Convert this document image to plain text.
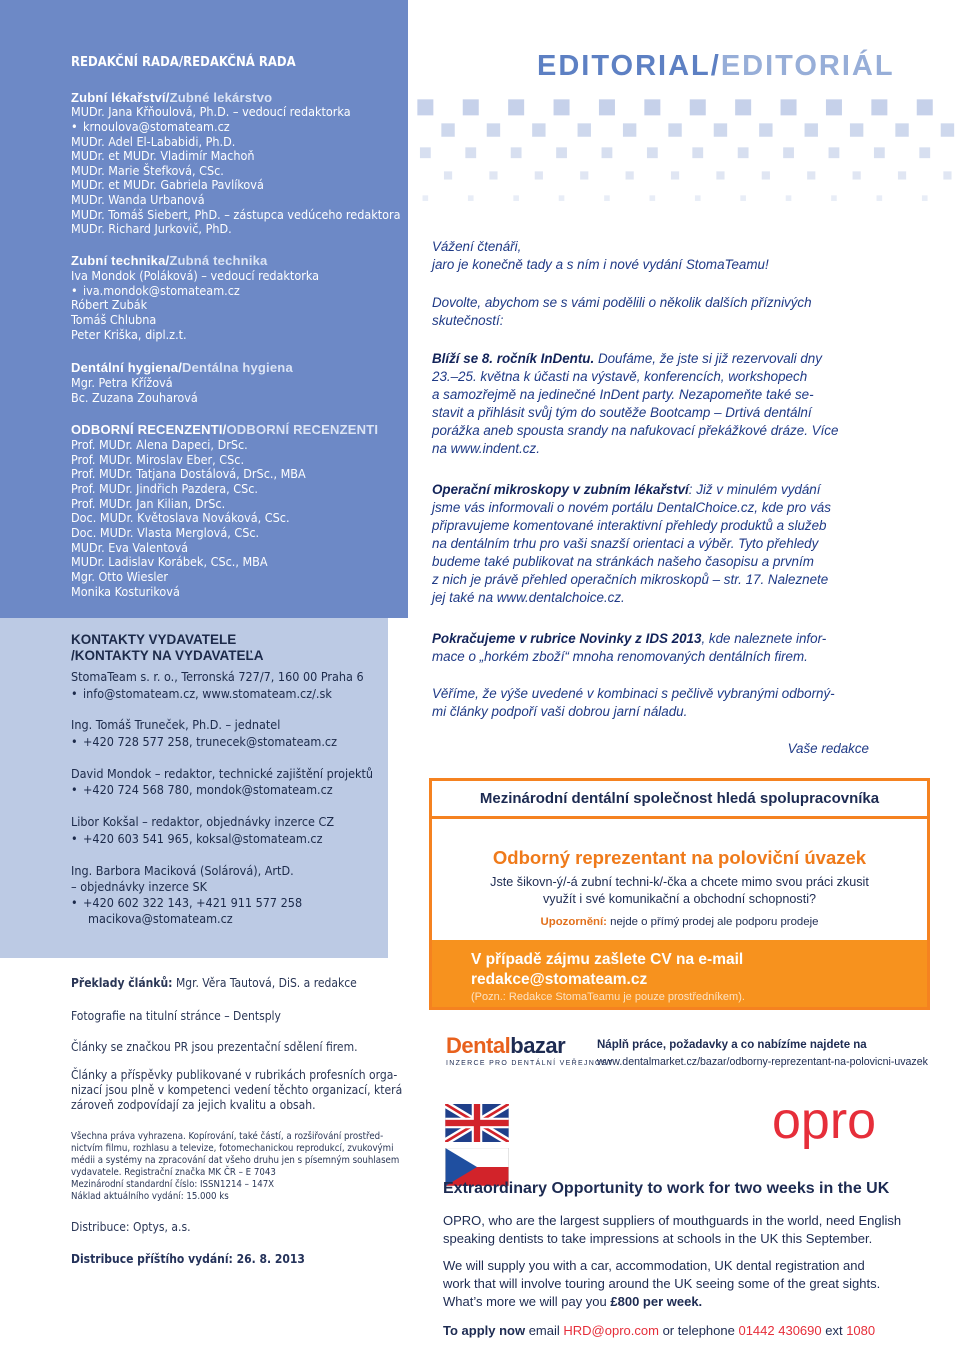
REDAKČNÍ RADA/REDAKČNÁ RADA
Zubní lékařství/Zubné lekárstvo
MUDr. Jana Křňoulová, Ph.D. – vedoucí redaktorka
• krnoulova@stomateam.cz
MUDr. Adel El-Lababidi, Ph.D.
MUDr. et MUDr. Vladimír Machoň
MUDr. Marie Štefková, CSc.
MUDr. et MUDr. Gabriela Pavlíková
MUDr. Wanda Urbanová
MUDr. Tomáš Siebert, PhD. – zástupca vedúceho redaktora
MUDr. Richard Jurkovič, PhD.
Zubní technika/Zubná technika
Iva Mondok (Poláková) – vedoucí redaktorka
• iva.mondok@stomateam.cz
Róbert Zubák
Tomáš Chlubna
Peter Kriška, dipl.z.t.
Dentální hygiena/Dentálna hygiena
Mgr. Petra Křížová
Bc. Zuzana Zouharová
ODBORNÍ RECENZENTI/ODBORNÍ RECENZENTI
Prof. MUDr. Alena Dapeci, DrSc.
Prof. MUDr. Miroslav Eber, CSc.
Prof. MUDr. Tatjana Dostálová, DrSc., MBA
Prof. MUDr. Jindřich Pazdera, CSc.
Prof. MUDr. Jan Kilian, DrSc.
Doc. MUDr. Květoslava Nováková, CSc.
Doc. MUDr. Vlasta Merglová, CSc.
MUDr. Eva Valentová
MUDr. Ladislav Korábek, CSc., MBA
Mgr. Otto Wiesler
Monika Kosturiková
KONTAKTY VYDAVATELE
/KONTAKTY NA VYDAVATEĽA
StomaTeam s. r. o., Terronská 727/7, 160 00 Praha 6
• info@stomateam.cz, www.stomateam.cz/.sk
Ing. Tomáš Truneček, Ph.D. – jednatel
• +420 728 577 258, trunecek@stomateam.cz
David Mondok – redaktor, technické zajištění projektů
• +420 724 568 780, mondok@stomateam.cz
Libor Kokšal – redaktor, objednávky inzerce CZ
• +420 603 541 965, koksal@stomateam.cz
Ing. Barbora Maciková (Solárová), ArtD.
– objednávky inzerce SK
• +420 602 322 143, +421 911 577 258
macikova@stomateam.cz
Překlady článků: Mgr. Věra Tautová, DiS. a redakce
Fotografie na titulní stránce – Dentsply
Články se značkou PR jsou prezentační sdělení firem.
Články a příspěvky publikované v rubrikách profesních orga-
nizací jsou plně v kompetenci vedení těchto organizací, která
zároveň zodpovídají za jejich kvalitu a obsah.
Všechna práva vyhrazena. Kopírování, také částí, a rozšiřování prostřed-
nictvím filmu, rozhlasu a televize, fotomechanickou reprodukcí, zvukovými
médii a systémy na zpracování dat všeho druhu jen s písemným souhlasem
vydavatele. Registrační značka MK ČR – E 7043
Mezinárodní standardní číslo: ISSN1214 – 147X
Náklad aktuálního vydání: 15.000 ks
Distribuce: Optys, a.s.
Distribuce příštího vydání: 26. 8. 2013
EDITORIAL/EDITORIÁL
Vážení čtenáři,
jaro je konečně tady a s ním i nové vydání StomaTeamu!
Dovolte, abychom se s vámi podělili o několik dalších příznivých
skutečností:
Blíží se 8. ročník InDentu. Doufáme, že jste si již rezervovali dny
23.–25. května k účasti na výstavě, konferencích, workshopech
a samozřejmě na jedinečné InDent party. Nezapomeňte také se-
stavit a přihlásit svůj tým do soutěže Bootcamp – Drtivá dentální
porážka aneb spousta srandy na nafukovací překážkové dráze. Více
na www.indent.cz.
Operační mikroskopy v zubním lékařství: Již v minulém vydání
jsme vás informovali o novém portálu DentalChoice.cz, kde pro vás
připravujeme komentované interaktivní přehledy produktů a služeb
na dentálním trhu pro vaši snazší orientaci a výběr. Tyto přehledy
budeme také publikovat na stránkách našeho časopisu a prvním
z nich je právě přehled operačních mikroskopů – str. 17. Naleznete
jej také na www.dentalchoice.cz.
Pokračujeme v rubrice Novinky z IDS 2013, kde naleznete infor-
mace o „horkém zboží“ mnoha renomovaných dentálních firem.
Věříme, že výše uvedené v kombinaci s pečlivě vybranými odborný-
mi články podpoří vaši dobrou jarní náladu.
Vaše redakce
Mezinárodní dentální společnost hledá spolupracovníka
Odborný reprezentant na poloviční úvazek
Jste šikovn-ý/-á zubní techni-k/-čka a chcete mimo svou práci zkusit
využít i své komunikační a obchodní schopnosti?
Upozornění: nejde o přímý prodej ale podporu prodeje
V případě zájmu zašlete CV na e-mail
redakce@stomateam.cz
(Pozn.: Redakce StomaTeamu je pouze prostředníkem).
Dentalbazar
INZERCE PRO DENTÁLNÍ VEŘEJNOST
Náplň práce, požadavky a co nabízíme najdete na
www.dentalmarket.cz/bazar/odborny-reprezentant-na-polovicni-uvazek
opro
Extraordinary Opportunity to work for two weeks in the UK
OPRO, who are the largest suppliers of mouthguards in the world, need English
speaking dentists to take impressions at schools in the UK this September.
We will supply you with a car, accommodation, UK dental registration and
work that will involve touring around the UK seeing some of the great sights.
What’s more we will pay you £800 per week.
To apply now email HRD@opro.com or telephone 01442 430690 ext 1080
